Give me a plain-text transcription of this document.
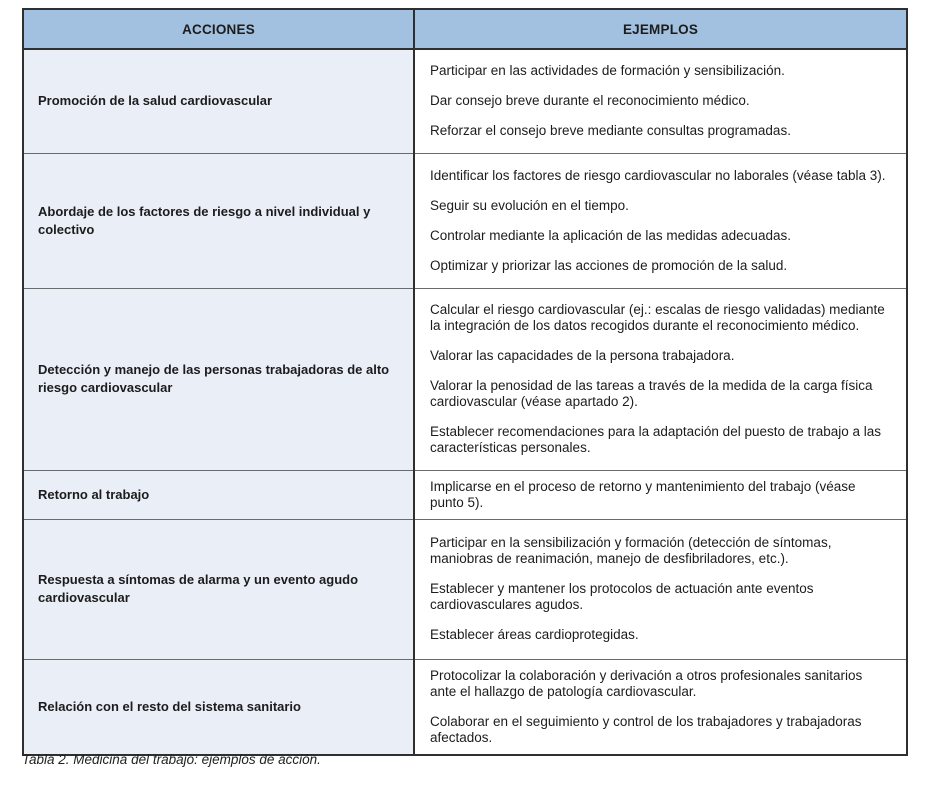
ACCIONES	EJEMPLOS
Promoción de la salud cardiovascular	Participar en las actividades de formación y sensibilización.

Dar consejo breve durante el reconocimiento médico.

Reforzar el consejo breve mediante consultas programadas.

Abordaje de los factores de riesgo a nivel individual y colectivo	Identificar los factores de riesgo cardiovascular no laborales (véase tabla 3).

Seguir su evolución en el tiempo.

Controlar mediante la aplicación de las medidas adecuadas.

Optimizar y priorizar las acciones de promoción de la salud.

Detección y manejo de las personas trabajadoras de alto riesgo cardiovascular	Calcular el riesgo cardiovascular (ej.: escalas de riesgo validadas) mediante la integración de los datos recogidos durante el reconocimiento médico.

Valorar las capacidades de la persona trabajadora.

Valorar la penosidad de las tareas a través de la medida de la carga física cardiovascular (véase apartado 2).

Establecer recomendaciones para la adaptación del puesto de trabajo a las características personales.

Retorno al trabajo	Implicarse en el proceso de retorno y mantenimiento del trabajo (véase punto 5).

Respuesta a síntomas de alarma y un evento agudo cardiovascular	Participar en la sensibilización y formación (detección de síntomas, maniobras de reanimación, manejo de desfibriladores, etc.).

Establecer y mantener los protocolos de actuación ante eventos cardiovasculares agudos.

Establecer áreas cardioprotegidas.

Relación con el resto del sistema sanitario	Protocolizar la colaboración y derivación a otros profesionales sanitarios ante el hallazgo de patología cardiovascular.

Colaborar en el seguimiento y control de los trabajadores y trabajadoras afectados.

Tabla 2. Medicina del trabajo: ejemplos de acción.
